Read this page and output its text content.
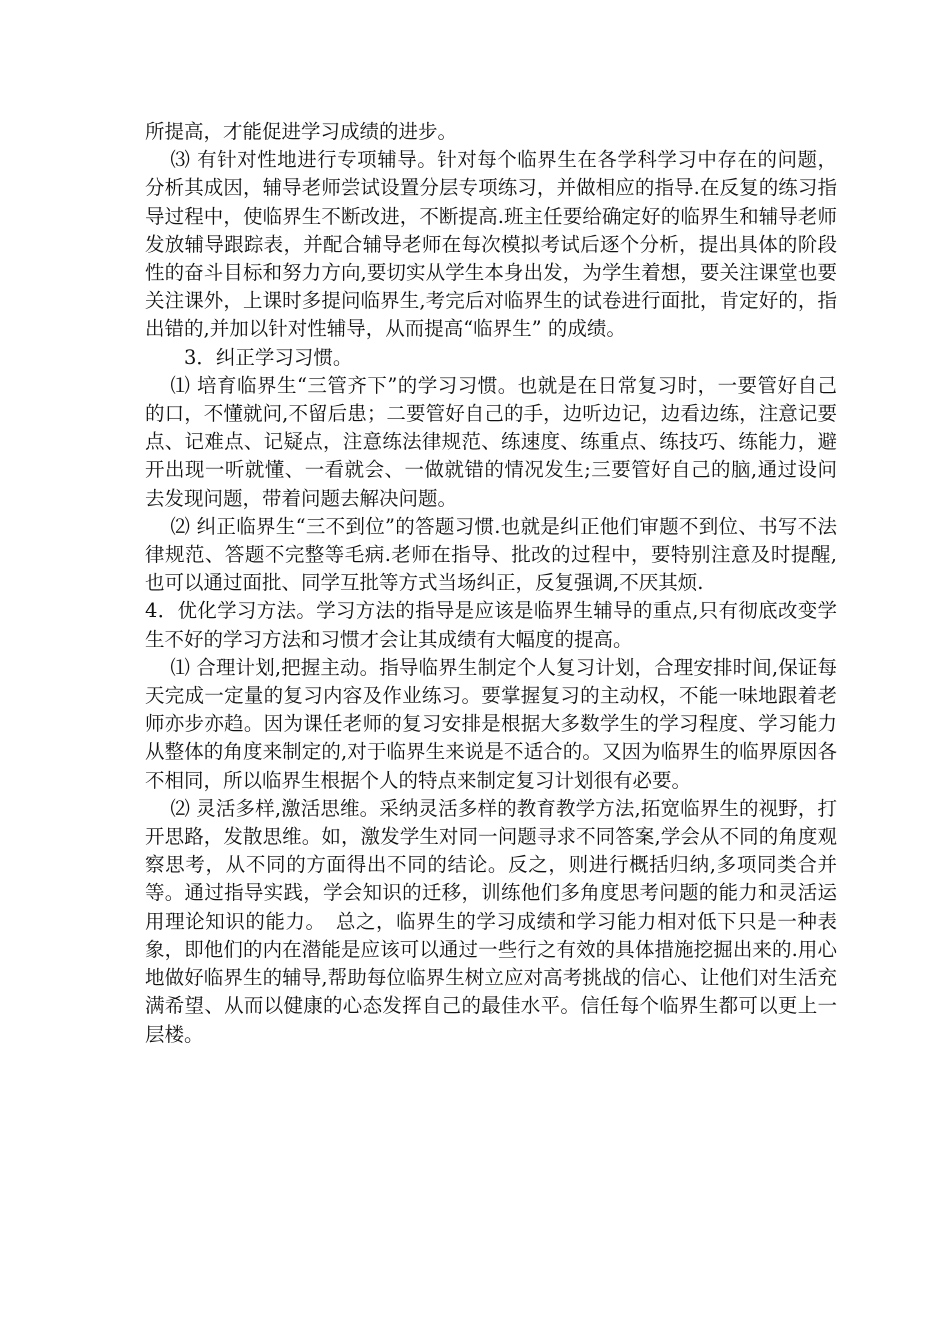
所提高，才能促进学习成绩的进步。

⑶ 有针对性地进行专项辅导。针对每个临界生在各学科学习中存在的问题，分析其成因，辅导老师尝试设置分层专项练习，并做相应的指导.在反复的练习指导过程中，使临界生不断改进，不断提高.班主任要给确定好的临界生和辅导老师发放辅导跟踪表，并配合辅导老师在每次模拟考试后逐个分析，提出具体的阶段性的奋斗目标和努力方向,要切实从学生本身出发，为学生着想，要关注课堂也要关注课外，上课时多提问临界生,考完后对临界生的试卷进行面批，肯定好的，指出错的,并加以针对性辅导，从而提高“临界生” 的成绩。

3．纠正学习习惯。

⑴ 培育临界生“三管齐下”的学习习惯。也就是在日常复习时，一要管好自己的口，不懂就问,不留后患；二要管好自己的手，边听边记，边看边练，注意记要点、记难点、记疑点，注意练法律规范、练速度、练重点、练技巧、练能力，避开出现一听就懂、一看就会、一做就错的情况发生;三要管好自己的脑,通过设问去发现问题，带着问题去解决问题。

⑵ 纠正临界生“三不到位”的答题习惯.也就是纠正他们审题不到位、书写不法律规范、答题不完整等毛病.老师在指导、批改的过程中，要特别注意及时提醒,也可以通过面批、同学互批等方式当场纠正，反复强调,不厌其烦.

4．优化学习方法。学习方法的指导是应该是临界生辅导的重点,只有彻底改变学生不好的学习方法和习惯才会让其成绩有大幅度的提高。

⑴ 合理计划,把握主动。指导临界生制定个人复习计划，合理安排时间,保证每天完成一定量的复习内容及作业练习。要掌握复习的主动权，不能一味地跟着老师亦步亦趋。因为课任老师的复习安排是根据大多数学生的学习程度、学习能力从整体的角度来制定的,对于临界生来说是不适合的。又因为临界生的临界原因各不相同，所以临界生根据个人的特点来制定复习计划很有必要。

⑵ 灵活多样,激活思维。采纳灵活多样的教育教学方法,拓宽临界生的视野，打开思路，发散思维。如，激发学生对同一问题寻求不同答案,学会从不同的角度观察思考，从不同的方面得出不同的结论。反之，则进行概括归纳,多项同类合并等。通过指导实践，学会知识的迁移，训练他们多角度思考问题的能力和灵活运用理论知识的能力。　总之，临界生的学习成绩和学习能力相对低下只是一种表象，即他们的内在潜能是应该可以通过一些行之有效的具体措施挖掘出来的.用心地做好临界生的辅导,帮助每位临界生树立应对高考挑战的信心、让他们对生活充满希望、从而以健康的心态发挥自己的最佳水平。信任每个临界生都可以更上一层楼。
